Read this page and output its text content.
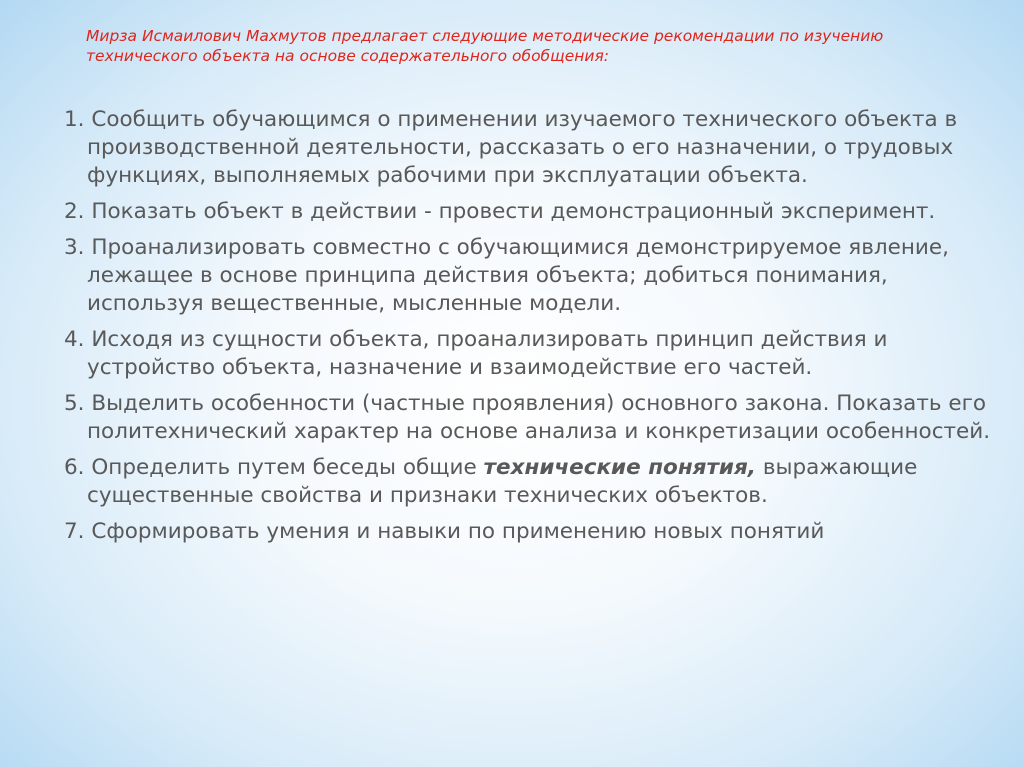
Мирза Исмаилович Махмутов предлагает следующие методические рекомендации по изучению технического объекта на основе содержательного обобщения:

1. Сообщить обучающимся о применении изучаемого технического объекта в производственной деятельности, рассказать о его назначении, о трудовых функциях, выполняемых рабочими при эксплуатации объекта.
2. Показать объект в действии - провести демонстрационный эксперимент.
3. Проанализировать совместно с обучающимися демонстрируемое явление, лежащее в основе принципа действия объекта; добиться понимания, используя вещественные, мысленные модели.
4. Исходя из сущности объекта, проанализировать принцип действия и устройство объекта, назначение и взаимодействие его частей.
5. Выделить особенности (частные проявления) основного закона. Показать его политехнический характер на основе анализа и конкретизации особенностей.
6. Определить путем беседы общие технические понятия, выражающие существенные свойства и признаки технических объектов.
7. Сформировать умения и навыки по применению новых понятий
